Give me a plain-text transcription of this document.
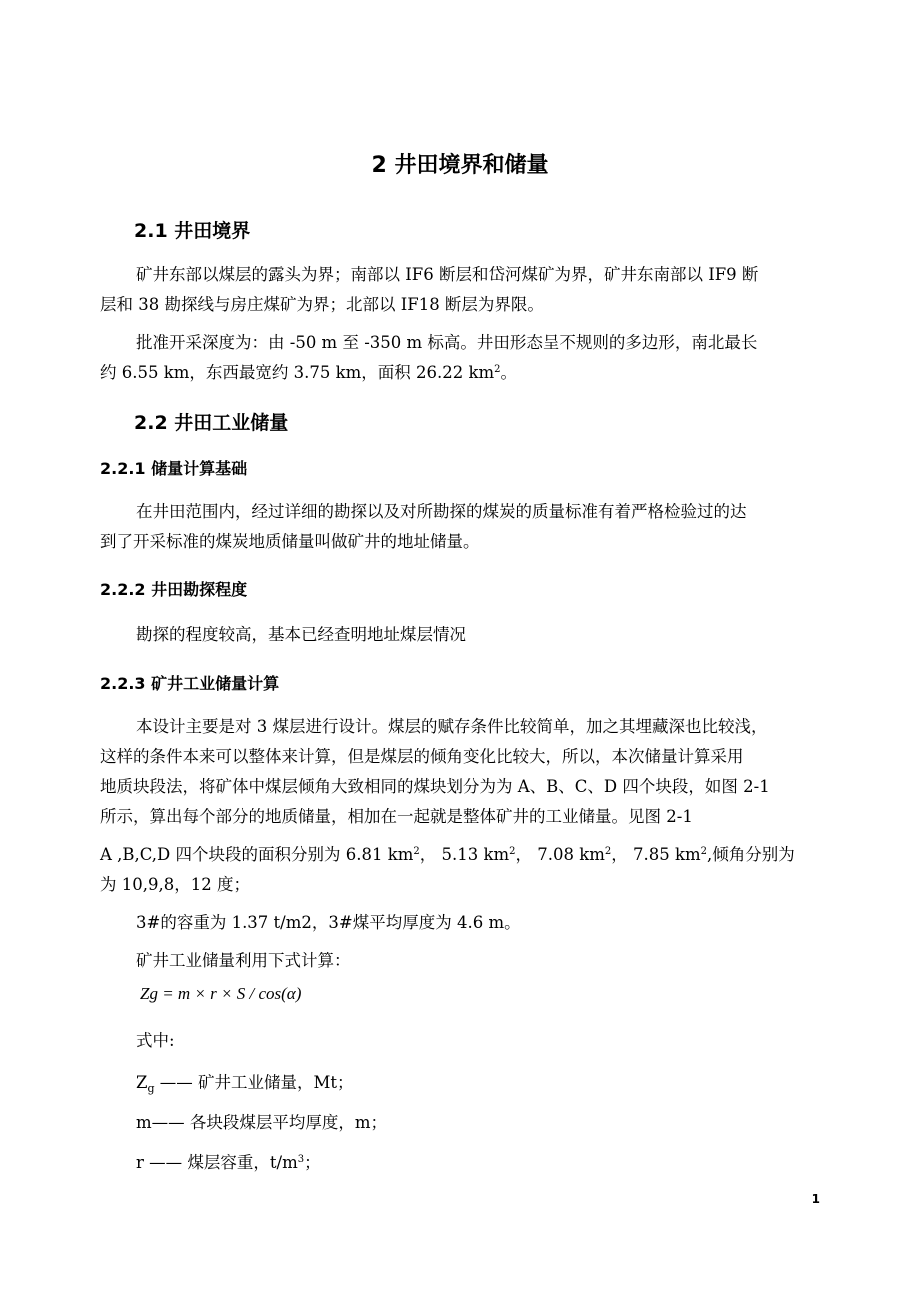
2 井田境界和储量
2.1 井田境界
矿井东部以煤层的露头为界；南部以 IF6 断层和岱河煤矿为界，矿井东南部以 IF9 断
层和 38 勘探线与房庄煤矿为界；北部以 IF18 断层为界限。
批准开采深度为：由 -50 m 至 -350 m 标高。井田形态呈不规则的多边形，南北最长
约 6.55 km，东西最宽约 3.75 km，面积 26.22 $km^2$。
2.2 井田工业储量
2.2.1 储量计算基础
在井田范围内，经过详细的勘探以及对所勘探的煤炭的质量标准有着严格检验过的达
到了开采标准的煤炭地质储量叫做矿井的地址储量。
2.2.2 井田勘探程度
勘探的程度较高，基本已经查明地址煤层情况
2.2.3 矿井工业储量计算
本设计主要是对 3 煤层进行设计。煤层的赋存条件比较简单，加之其埋藏深也比较浅，
这样的条件本来可以整体来计算，但是煤层的倾角变化比较大，所以，本次储量计算采用
地质块段法，将矿体中煤层倾角大致相同的煤块划分为为 A、B、C、D 四个块段，如图 2-1
所示，算出每个部分的地质储量，相加在一起就是整体矿井的工业储量。见图 2-1
A ,B,C,D 四个块段的面积分别为 6.81 $km^2$， 5.13 $km^2$， 7.08 $km^2$， 7.85 $km^2$,倾角分别为
为 10,9,8，12 度；
3#的容重为 1.37 t/m2，3#煤平均厚度为 4.6 m。
矿井工业储量利用下式计算：
Zg = m × r × S / cos(α)
式中:
$Z_g$ —— 矿井工业储量，Mt；
m—— 各块段煤层平均厚度，m；
r —— 煤层容重，$t/m^3$；
1
